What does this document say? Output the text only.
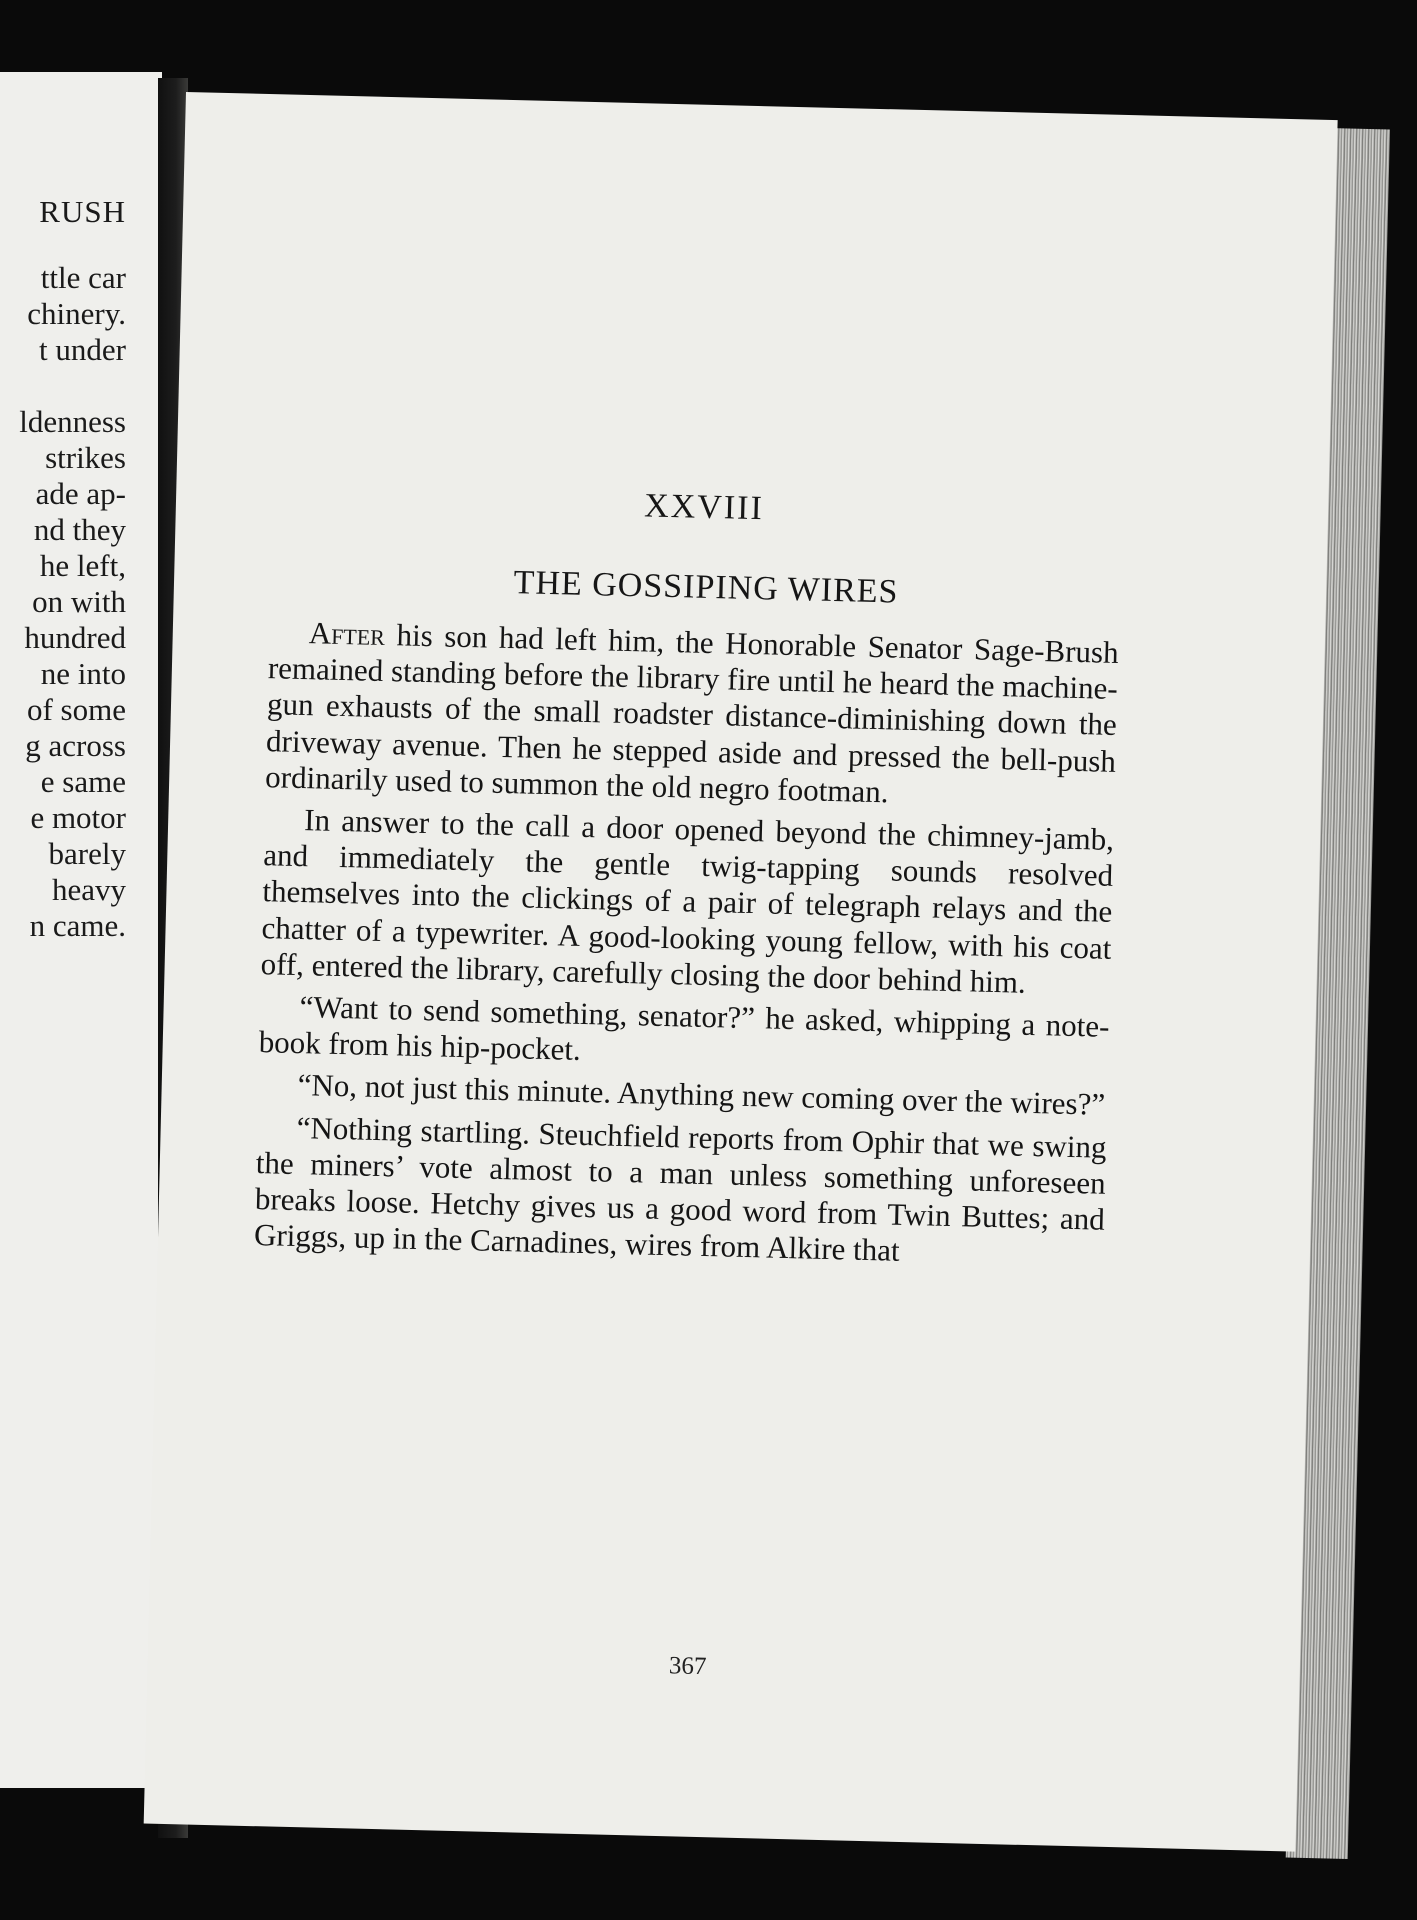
RUSH
ttle car
chinery.
t under
ldenness
strikes
ade ap-
nd they
he left,
on with
hundred
ne into
of some
g across
e same
e motor
barely
heavy
n came.
XXVIII
THE GOSSIPING WIRES

After his son had left him, the Honorable Senator Sage-Brush remained standing before the library fire until he heard the machine-gun exhausts of the small roadster distance-diminishing down the driveway avenue. Then he stepped aside and pressed the bell-push ordinarily used to summon the old negro footman.

In answer to the call a door opened beyond the chimney-jamb, and immediately the gentle twig-tapping sounds resolved themselves into the clickings of a pair of telegraph relays and the chatter of a typewriter. A good-looking young fellow, with his coat off, entered the library, carefully closing the door behind him.

“Want to send something, senator?” he asked, whipping a note-book from his hip-pocket.

“No, not just this minute. Anything new coming over the wires?”

“Nothing startling. Steuchfield reports from Ophir that we swing the miners’ vote almost to a man unless something unforeseen breaks loose. Hetchy gives us a good word from Twin Buttes; and Griggs, up in the Carnadines, wires from Alkire that

367
